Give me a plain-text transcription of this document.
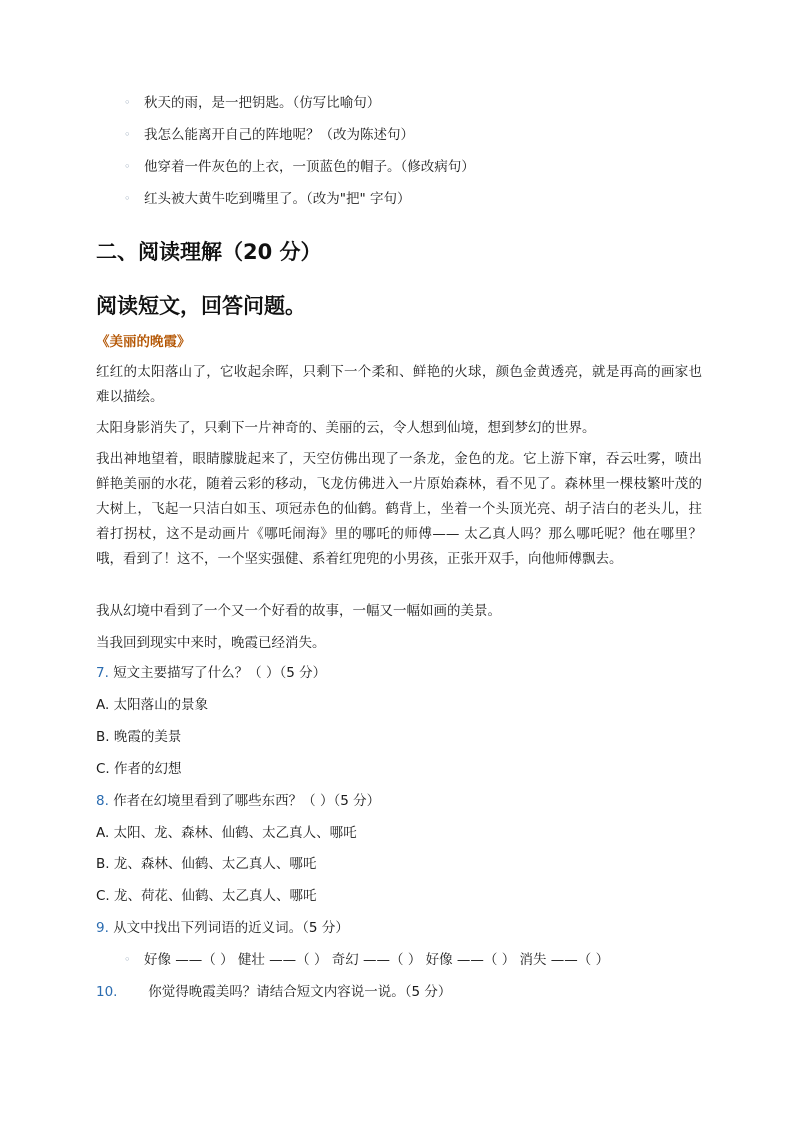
◦	秋天的雨，是一把钥匙。（仿写比喻句）
◦	我怎么能离开自己的阵地呢？（改为陈述句）
◦	他穿着一件灰色的上衣，一顶蓝色的帽子。（修改病句）
◦	红头被大黄牛吃到嘴里了。（改为"把" 字句）
二、阅读理解（20 分）
阅读短文，回答问题。
《美丽的晚霞》
红红的太阳落山了，它收起余晖，只剩下一个柔和、鲜艳的火球，颜色金黄透亮，就是再高的画家也难以描绘。
太阳身影消失了，只剩下一片神奇的、美丽的云，令人想到仙境，想到梦幻的世界。
我出神地望着，眼睛朦胧起来了，天空仿佛出现了一条龙，金色的龙。它上游下窜，吞云吐雾，喷出鲜艳美丽的水花，随着云彩的移动，飞龙仿佛进入一片原始森林，看不见了。森林里一棵枝繁叶茂的大树上，飞起一只洁白如玉、项冠赤色的仙鹤。鹤背上，坐着一个头顶光亮、胡子洁白的老头儿，拄着打拐杖，这不是动画片《哪吒闹海》里的哪吒的师傅—— 太乙真人吗？那么哪吒呢？他在哪里？哦，看到了！这不，一个坚实强健、系着红兜兜的小男孩，正张开双手，向他师傅飘去。
我从幻境中看到了一个又一个好看的故事，一幅又一幅如画的美景。
当我回到现实中来时，晚霞已经消失。
7. 短文主要描写了什么？（ ）（5 分）
A. 太阳落山的景象
B. 晚霞的美景
C. 作者的幻想
8. 作者在幻境里看到了哪些东西？（ ）（5 分）
A. 太阳、龙、森林、仙鹤、太乙真人、哪吒
B. 龙、森林、仙鹤、太乙真人、哪吒
C. 龙、荷花、仙鹤、太乙真人、哪吒
9. 从文中找出下列词语的近义词。（5 分）
◦	好像 ——（ ） 健壮 ——（ ） 奇幻 ——（ ） 好像 ——（ ） 消失 ——（ ）
10. 你觉得晚霞美吗？请结合短文内容说一说。（5 分）
